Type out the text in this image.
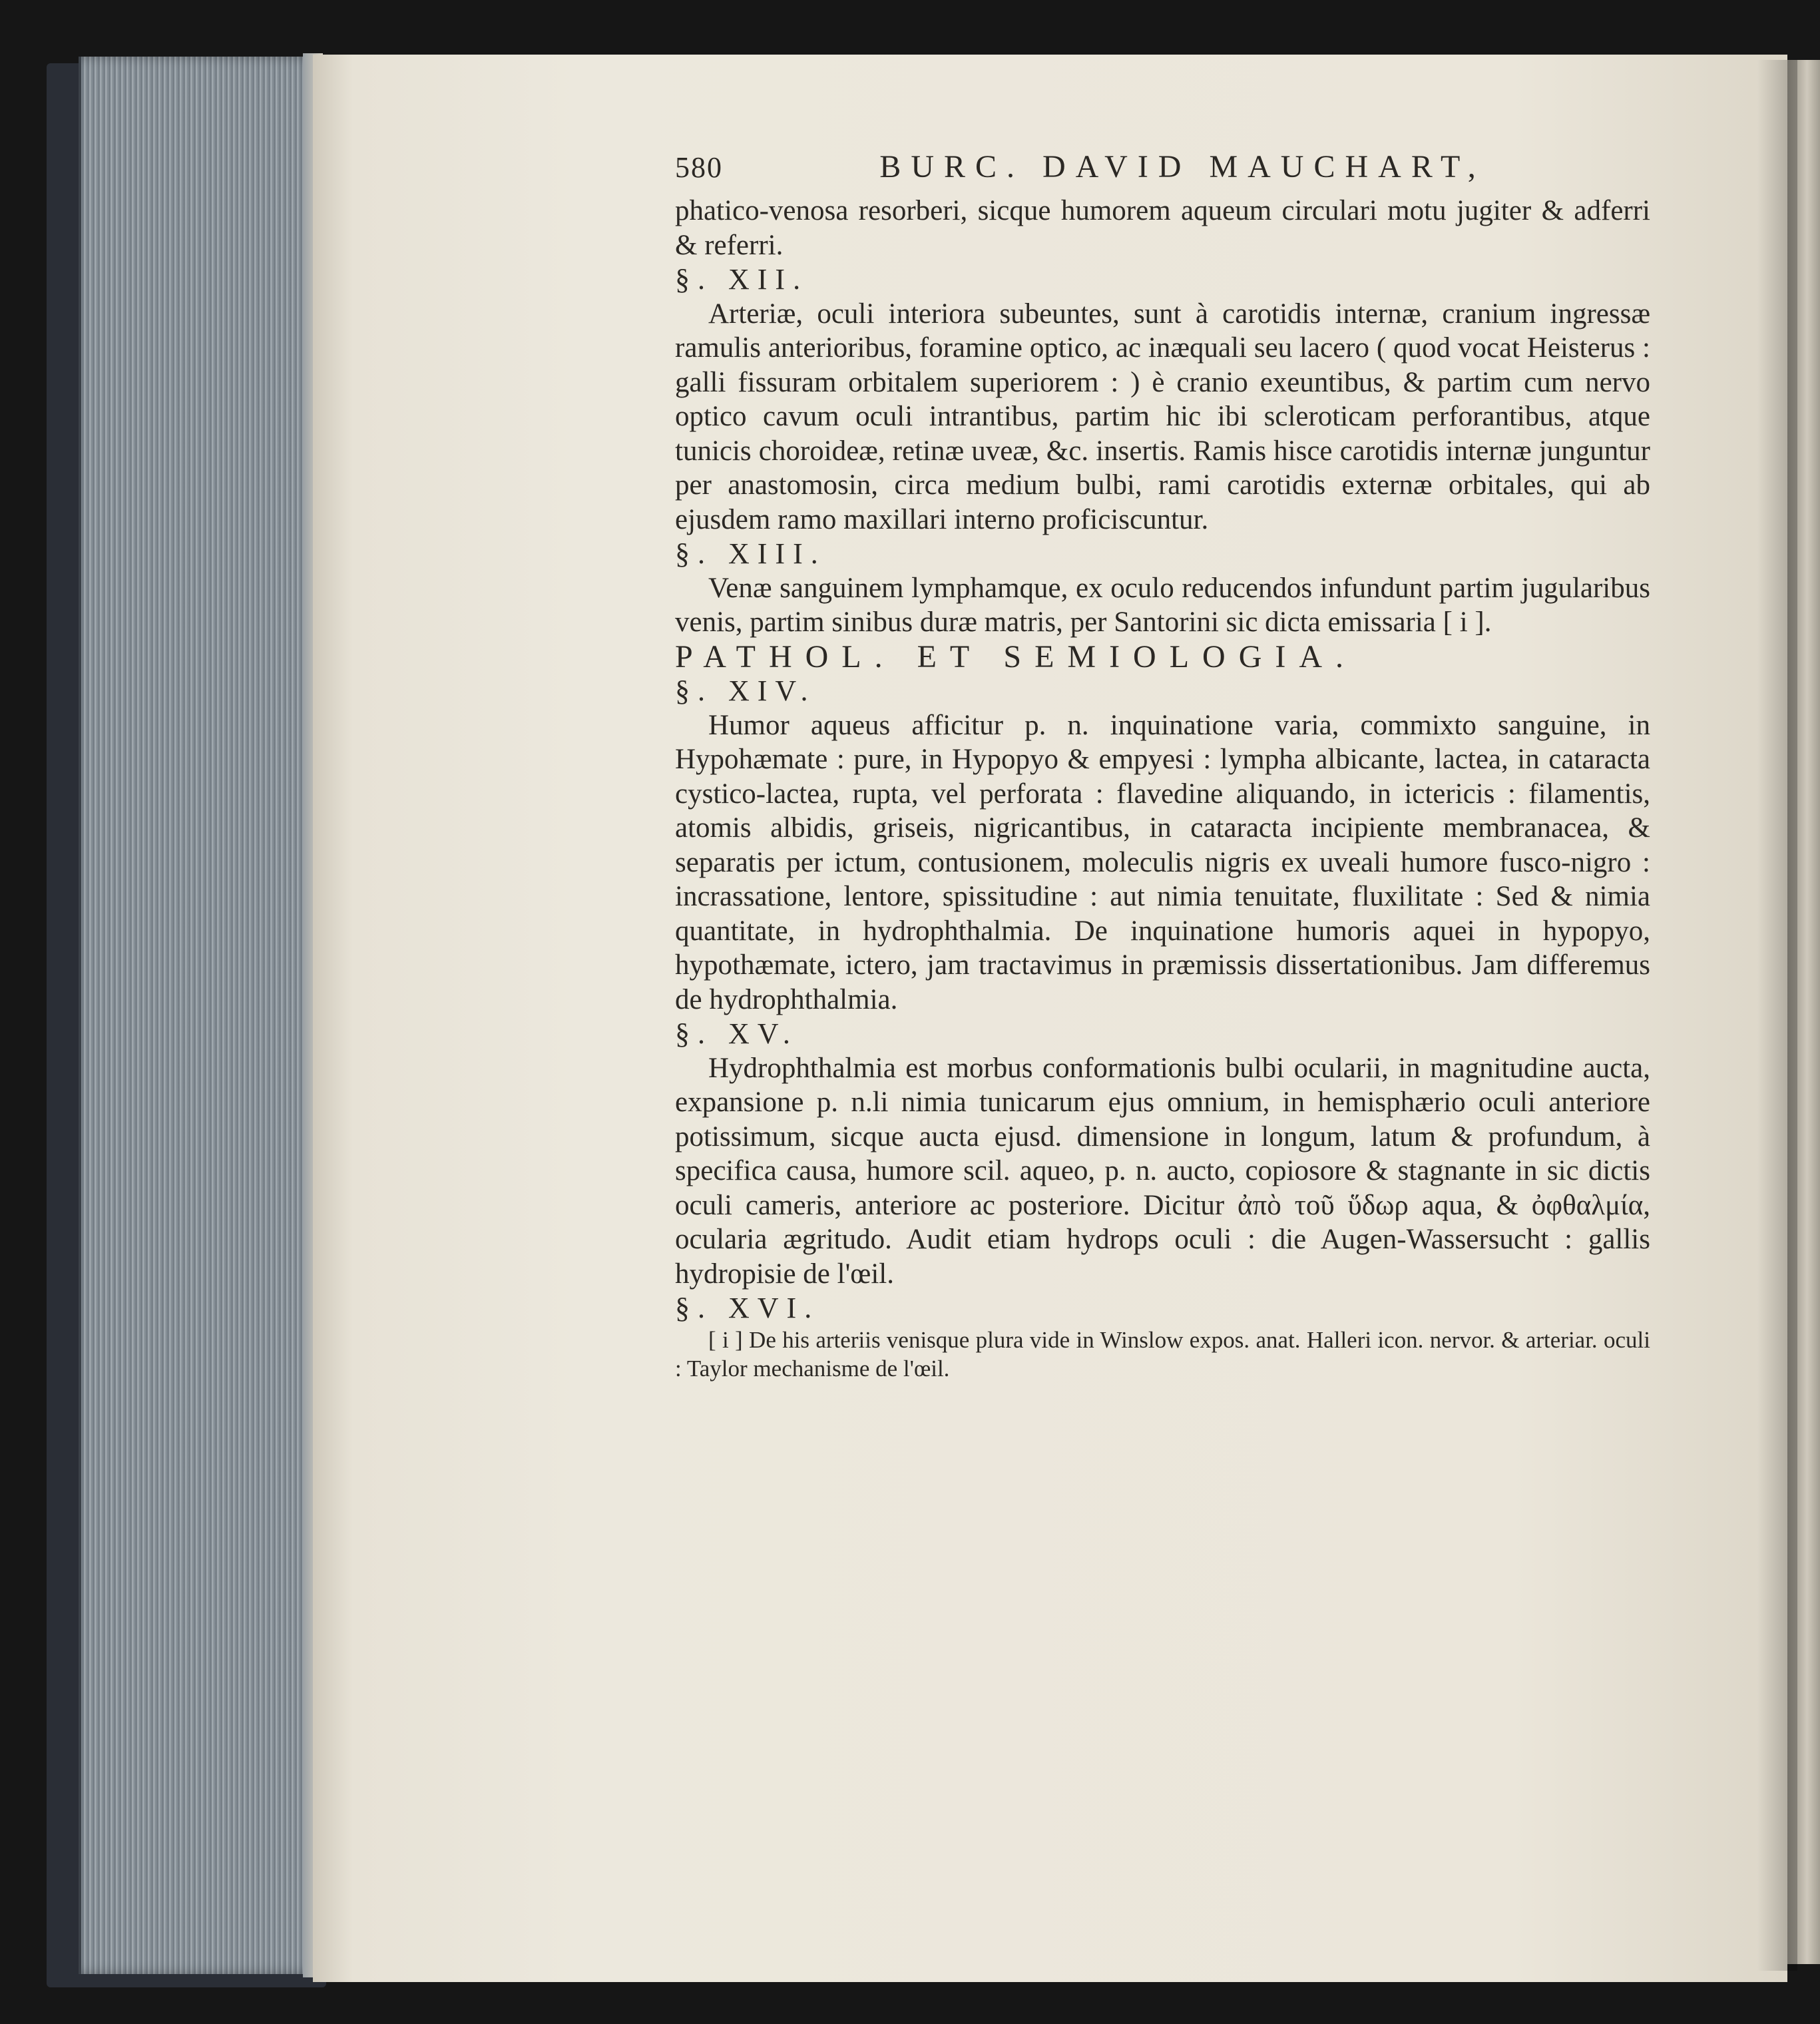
580	BURC. DAVID MAUCHART,

phatico-venosa resorberi, sicque humorem aqueum circulari motu jugiter & adferri & referri.

§. XII.

Arteriæ, oculi interiora subeuntes, sunt à carotidis internæ, cranium ingressæ ramulis anterioribus, foramine optico, ac inæquali seu lacero ( quod vocat Heisterus : galli fissuram orbitalem superiorem : ) è cranio exeuntibus, & partim cum nervo optico cavum oculi intrantibus, partim hic ibi scleroticam perforantibus, atque tunicis choroideæ, retinæ uveæ, &c. insertis. Ramis hisce carotidis internæ junguntur per anastomosin, circa medium bulbi, rami carotidis externæ orbitales, qui ab ejusdem ramo maxillari interno proficiscuntur.

§. XIII.

Venæ sanguinem lymphamque, ex oculo reducendos infundunt partim jugularibus venis, partim sinibus duræ matris, per Santorini sic dicta emissaria [ i ].

PATHOL. ET SEMIOLOGIA.

§. XIV.

Humor aqueus afficitur p. n. inquinatione varia, commixto sanguine, in Hypohæmate : pure, in Hypopyo & empyesi : lympha albicante, lactea, in cataracta cystico-lactea, rupta, vel perforata : flavedine aliquando, in ictericis : filamentis, atomis albidis, griseis, nigricantibus, in cataracta incipiente membranacea, & separatis per ictum, contusionem, moleculis nigris ex uveali humore fusco-nigro : incrassatione, lentore, spissitudine : aut nimia tenuitate, fluxilitate : Sed & nimia quantitate, in hydrophthalmia. De inquinatione humoris aquei in hypopyo, hypothæmate, ictero, jam tractavimus in præmissis dissertationibus. Jam differemus de hydrophthalmia.

§. XV.

Hydrophthalmia est morbus conformationis bulbi ocularii, in magnitudine aucta, expansione p. n.li nimia tunicarum ejus omnium, in hemisphærio oculi anteriore potissimum, sicque aucta ejusd. dimensione in longum, latum & profundum, à specifica causa, humore scil. aqueo, p. n. aucto, copiosore & stagnante in sic dictis oculi cameris, anteriore ac posteriore. Dicitur ἀπὸ τοῦ ὕδωρ aqua, & ὀφθαλμία, ocularia ægritudo. Audit etiam hydrops oculi : die Augen-Wassersucht : gallis hydropisie de l'œil.

§. XVI.

[ i ] De his arteriis venisque plura vide in Winslow expos. anat. Halleri icon. nervor. & arteriar. oculi : Taylor mechanisme de l'œil.
